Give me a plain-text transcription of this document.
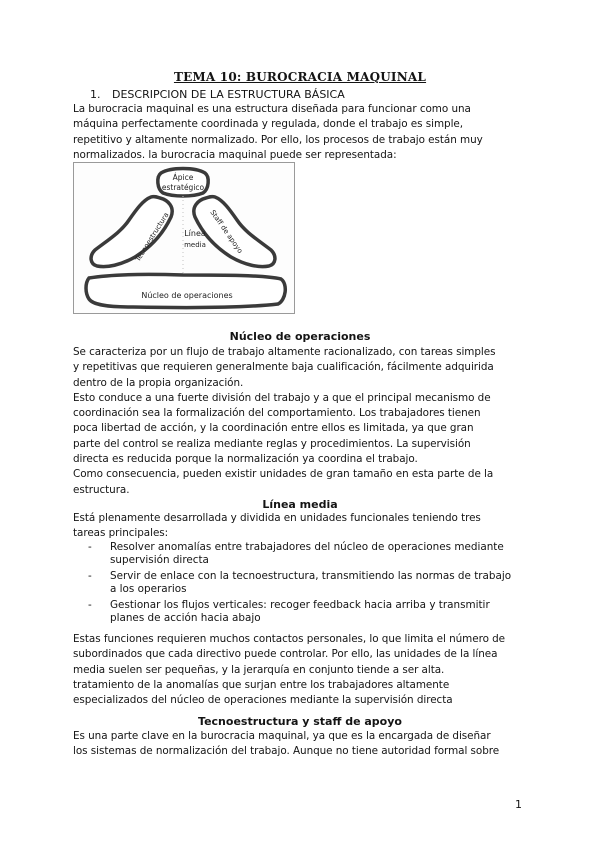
TEMA 10: BUROCRACIA MAQUINAL
1. DESCRIPCION DE LA ESTRUCTURA BÁSICA
La burocracia maquinal es una estructura diseñada para funcionar como una
máquina perfectamente coordinada y regulada, donde el trabajo es simple,
repetitivo y altamente normalizado. Por ello, los procesos de trabajo están muy
normalizados. la burocracia maquinal puede ser representada:
Ápice
estratégico
Línea
media
Tecnoestructura	Staff de apoyo
Núcleo de operaciones
Núcleo de operaciones
Se caracteriza por un flujo de trabajo altamente racionalizado, con tareas simples
y repetitivas que requieren generalmente baja cualificación, fácilmente adquirida
dentro de la propia organización.
Esto conduce a una fuerte división del trabajo y a que el principal mecanismo de
coordinación sea la formalización del comportamiento. Los trabajadores tienen
poca libertad de acción, y la coordinación entre ellos es limitada, ya que gran
parte del control se realiza mediante reglas y procedimientos. La supervisión
directa es reducida porque la normalización ya coordina el trabajo.
Como consecuencia, pueden existir unidades de gran tamaño en esta parte de la
estructura.
Línea media
Está plenamente desarrollada y dividida en unidades funcionales teniendo tres
tareas principales:
- Resolver anomalías entre trabajadores del núcleo de operaciones mediante
supervisión directa
- Servir de enlace con la tecnoestructura, transmitiendo las normas de trabajo
a los operarios
- Gestionar los flujos verticales: recoger feedback hacia arriba y transmitir
planes de acción hacia abajo
Estas funciones requieren muchos contactos personales, lo que limita el número de
subordinados que cada directivo puede controlar. Por ello, las unidades de la línea
media suelen ser pequeñas, y la jerarquía en conjunto tiende a ser alta.
tratamiento de la anomalías que surjan entre los trabajadores altamente
especializados del núcleo de operaciones mediante la supervisión directa
Tecnoestructura y staff de apoyo
Es una parte clave en la burocracia maquinal, ya que es la encargada de diseñar
los sistemas de normalización del trabajo. Aunque no tiene autoridad formal sobre
1
